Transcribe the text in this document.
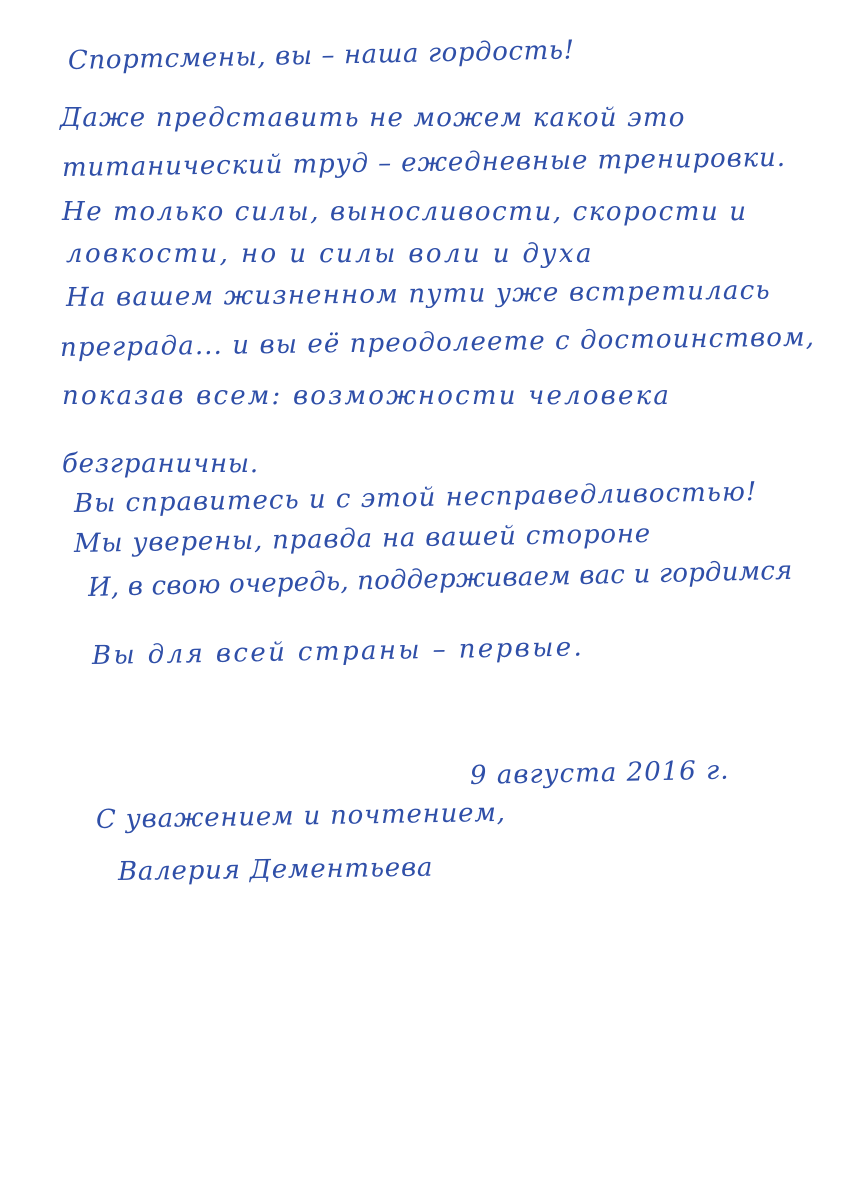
Спортсмены, вы – наша гордость!
Даже представить не можем какой это
титанический труд – ежедневные тренировки.
Не только силы, выносливости, скорости и
ловкости, но и силы воли и духа
На вашем жизненном пути уже встретилась
преграда... и вы её преодолеете с достоинством,
показав всем: возможности человека
безграничны.
Вы справитесь и с этой несправедливостью!
Мы уверены, правда на вашей стороне
И, в свою очередь, поддерживаем вас и гордимся
Вы для всей страны – первые.
9 августа 2016 г.
С уважением и почтением,
Валерия Дементьева
